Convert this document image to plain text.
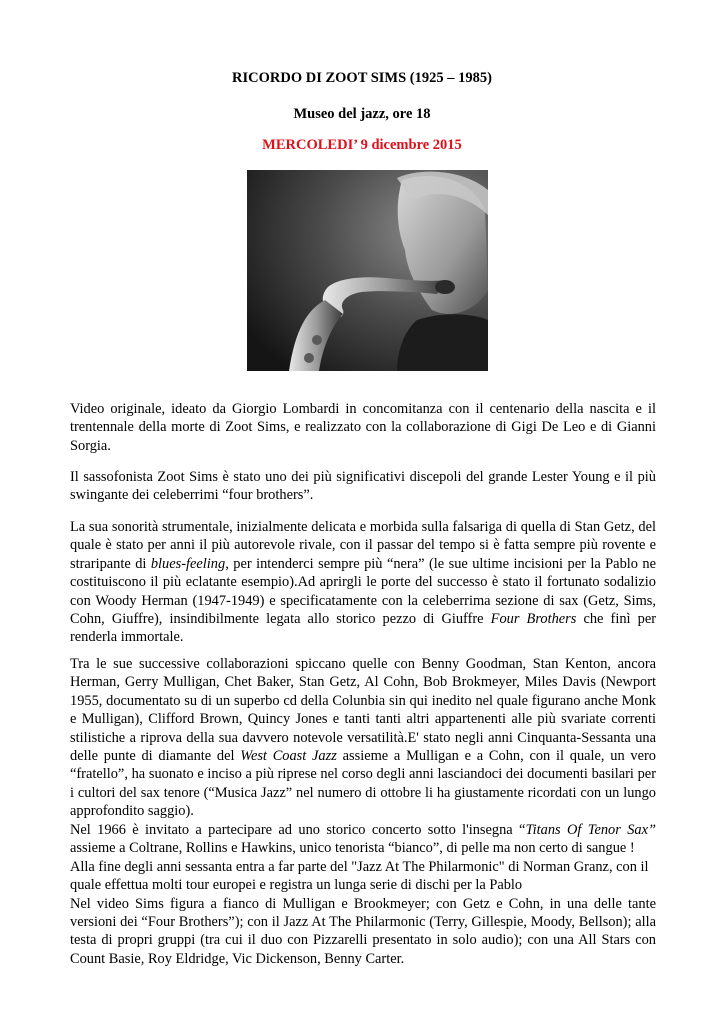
RICORDO DI ZOOT SIMS (1925 – 1985)
Museo del jazz, ore 18
MERCOLEDI’ 9 dicembre 2015

Video originale, ideato da Giorgio Lombardi in concomitanza con il centenario della nascita e il trentennale della morte di Zoot Sims, e realizzato con la collaborazione di Gigi De Leo e di Gianni Sorgia.

Il sassofonista Zoot Sims è stato uno dei più significativi discepoli del grande Lester Young e il più swingante dei celeberrimi “four brothers”.

La sua sonorità strumentale, inizialmente delicata e morbida sulla falsariga di quella di Stan Getz, del quale è stato per anni il più autorevole rivale, con il passar del tempo si è fatta sempre più rovente e straripante di blues-feeling, per intenderci sempre più “nera” (le sue ultime incisioni per la Pablo ne costituiscono il più eclatante esempio).Ad aprirgli le porte del successo è stato il fortunato sodalizio con Woody Herman (1947-1949) e specificatamente con la celeberrima sezione di sax (Getz, Sims, Cohn, Giuffre), insindibilmente legata allo storico pezzo di Giuffre Four Brothers che finì per renderla immortale.

Tra le sue successive collaborazioni spiccano quelle con Benny Goodman, Stan Kenton, ancora Herman, Gerry Mulligan, Chet Baker, Stan Getz, Al Cohn, Bob Brokmeyer, Miles Davis (Newport 1955, documentato su di un superbo cd della Colunbia sin qui inedito nel quale figurano anche Monk e Mulligan), Clifford Brown, Quincy Jones e tanti tanti altri appartenenti alle più svariate correnti stilistiche a riprova della sua davvero notevole versatilità.E' stato negli anni Cinquanta-Sessanta una delle punte di diamante del West Coast Jazz assieme a Mulligan e a Cohn, con il quale, un vero “fratello”, ha suonato e inciso a più riprese nel corso degli anni lasciandoci dei documenti basilari per i cultori del sax tenore (“Musica Jazz” nel numero di ottobre li ha giustamente ricordati con un lungo approfondito saggio).

Nel 1966 è invitato a partecipare ad uno storico concerto sotto l'insegna “Titans Of Tenor Sax” assieme a Coltrane, Rollins e Hawkins, unico tenorista “bianco”, di pelle ma non certo di sangue !

Alla fine degli anni sessanta entra a far parte del "Jazz At The Philarmonic" di Norman Granz, con il quale effettua molti tour europei e registra un lunga serie di dischi per la Pablo

Nel video Sims figura a fianco di Mulligan e Brookmeyer; con Getz e Cohn, in una delle tante versioni dei “Four Brothers”); con il Jazz At The Philarmonic (Terry, Gillespie, Moody, Bellson); alla testa di propri gruppi (tra cui il duo con Pizzarelli presentato in solo audio); con una All Stars con Count Basie, Roy Eldridge, Vic Dickenson, Benny Carter.
